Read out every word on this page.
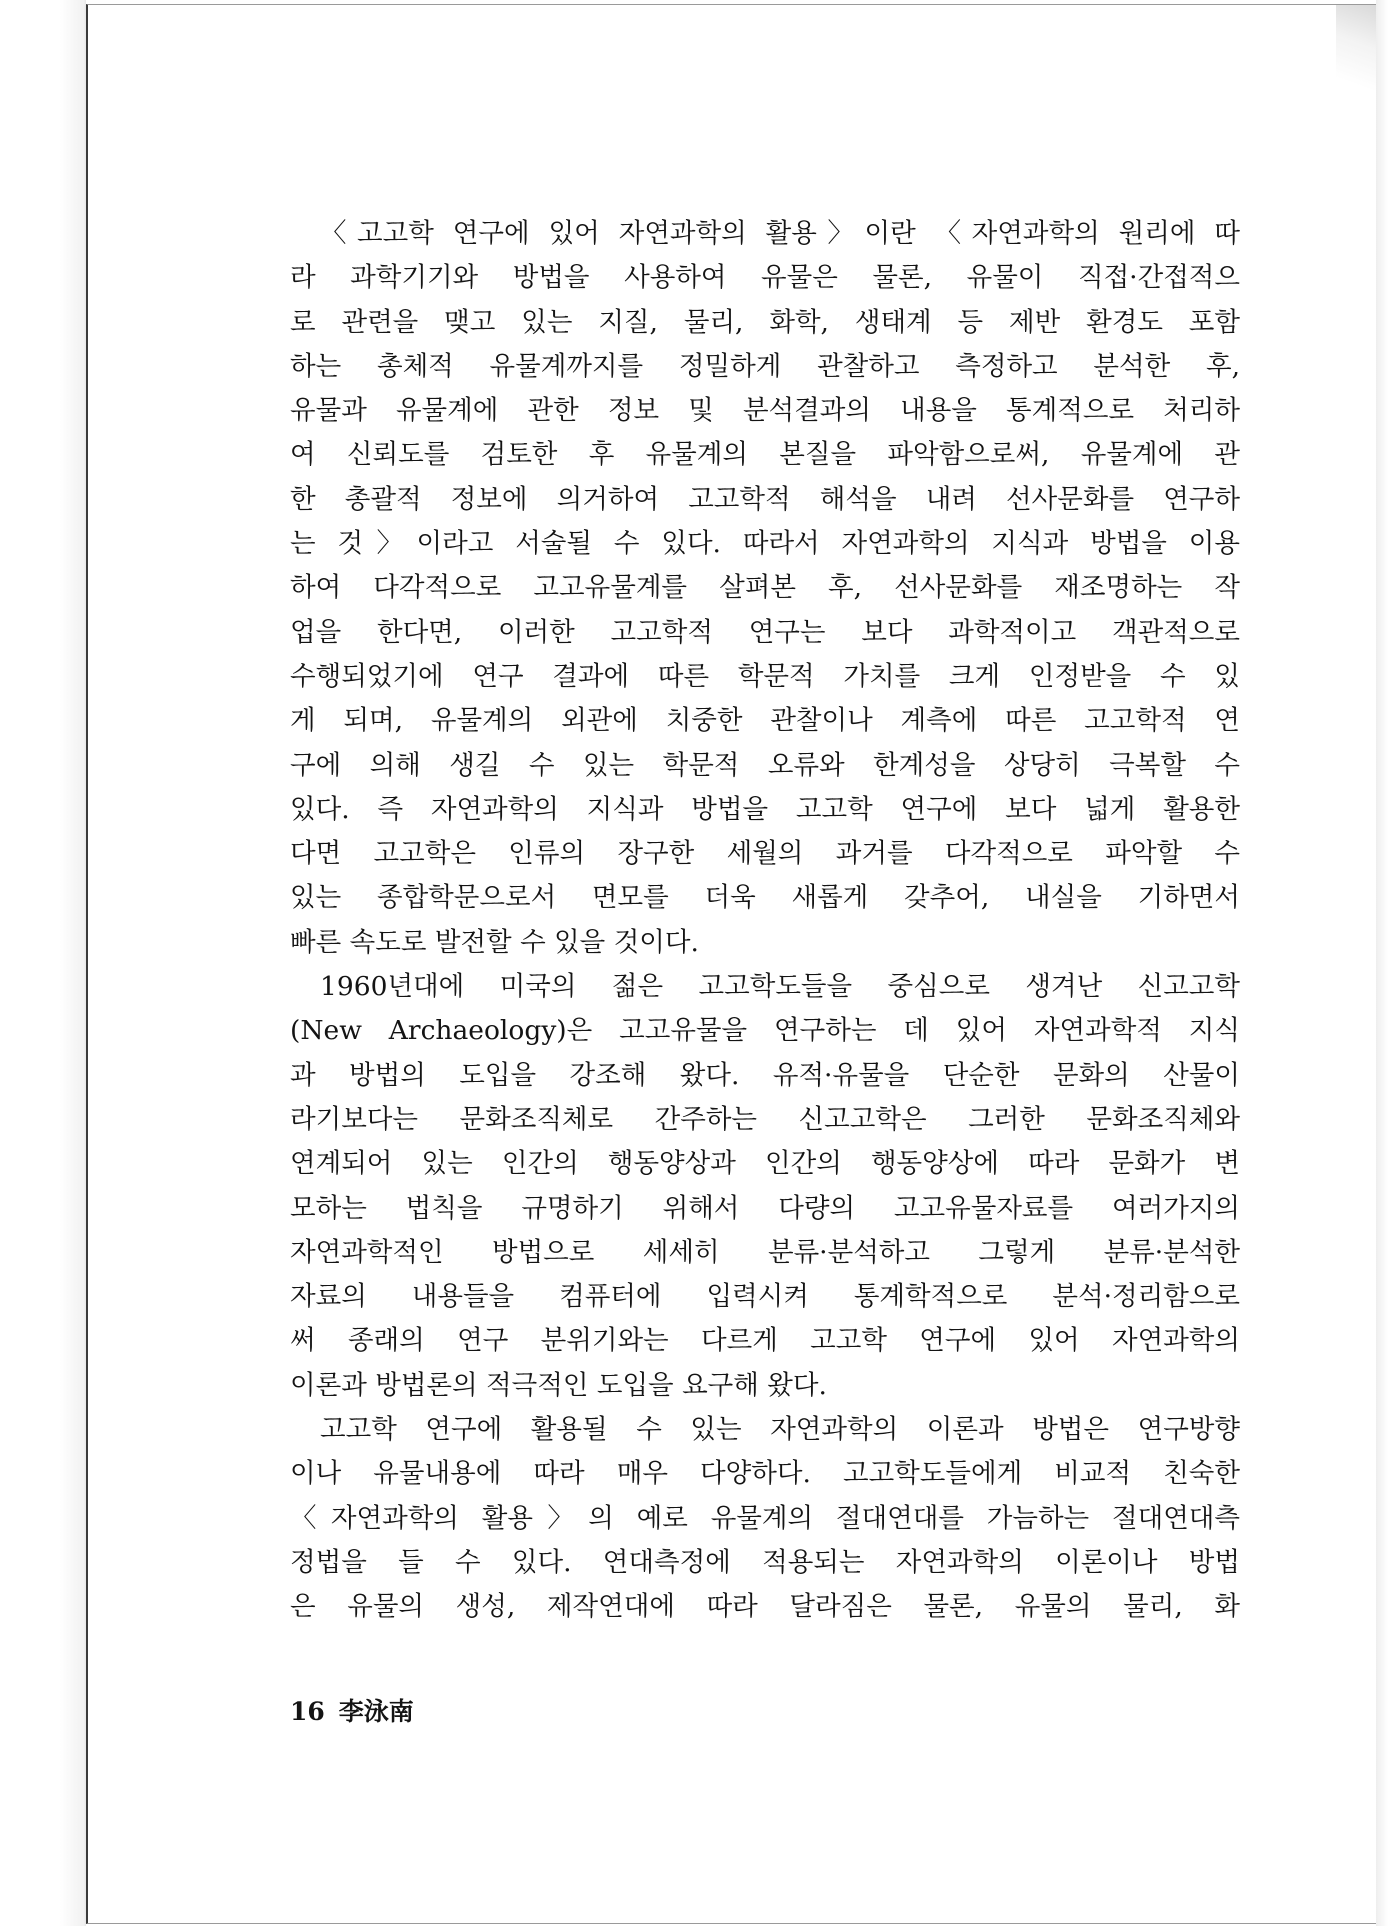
〈고고학 연구에 있어 자연과학의 활용〉이란 〈자연과학의 원리에 따
라 과학기기와 방법을 사용하여 유물은 물론, 유물이 직접·간접적으
로 관련을 맺고 있는 지질, 물리, 화학, 생태계 등 제반 환경도 포함
하는 총체적 유물계까지를 정밀하게 관찰하고 측정하고 분석한 후,
유물과 유물계에 관한 정보 및 분석결과의 내용을 통계적으로 처리하
여 신뢰도를 검토한 후 유물계의 본질을 파악함으로써, 유물계에 관
한 총괄적 정보에 의거하여 고고학적 해석을 내려 선사문화를 연구하
는 것〉이라고 서술될 수 있다. 따라서 자연과학의 지식과 방법을 이용
하여 다각적으로 고고유물계를 살펴본 후, 선사문화를 재조명하는 작
업을 한다면, 이러한 고고학적 연구는 보다 과학적이고 객관적으로
수행되었기에 연구 결과에 따른 학문적 가치를 크게 인정받을 수 있
게 되며, 유물계의 외관에 치중한 관찰이나 계측에 따른 고고학적 연
구에 의해 생길 수 있는 학문적 오류와 한계성을 상당히 극복할 수
있다. 즉 자연과학의 지식과 방법을 고고학 연구에 보다 넓게 활용한
다면 고고학은 인류의 장구한 세월의 과거를 다각적으로 파악할 수
있는 종합학문으로서 면모를 더욱 새롭게 갖추어, 내실을 기하면서
빠른 속도로 발전할 수 있을 것이다.
1960년대에 미국의 젊은 고고학도들을 중심으로 생겨난 신고고학
(New Archaeology)은 고고유물을 연구하는 데 있어 자연과학적 지식
과 방법의 도입을 강조해 왔다. 유적·유물을 단순한 문화의 산물이
라기보다는 문화조직체로 간주하는 신고고학은 그러한 문화조직체와
연계되어 있는 인간의 행동양상과 인간의 행동양상에 따라 문화가 변
모하는 법칙을 규명하기 위해서 다량의 고고유물자료를 여러가지의
자연과학적인 방법으로 세세히 분류·분석하고 그렇게 분류·분석한
자료의 내용들을 컴퓨터에 입력시켜 통계학적으로 분석·정리함으로
써 종래의 연구 분위기와는 다르게 고고학 연구에 있어 자연과학의
이론과 방법론의 적극적인 도입을 요구해 왔다.
고고학 연구에 활용될 수 있는 자연과학의 이론과 방법은 연구방향
이나 유물내용에 따라 매우 다양하다. 고고학도들에게 비교적 친숙한
〈자연과학의 활용〉의 예로 유물계의 절대연대를 가늠하는 절대연대측
정법을 들 수 있다. 연대측정에 적용되는 자연과학의 이론이나 방법
은 유물의 생성, 제작연대에 따라 달라짐은 물론, 유물의 물리, 화
16 李泳南
